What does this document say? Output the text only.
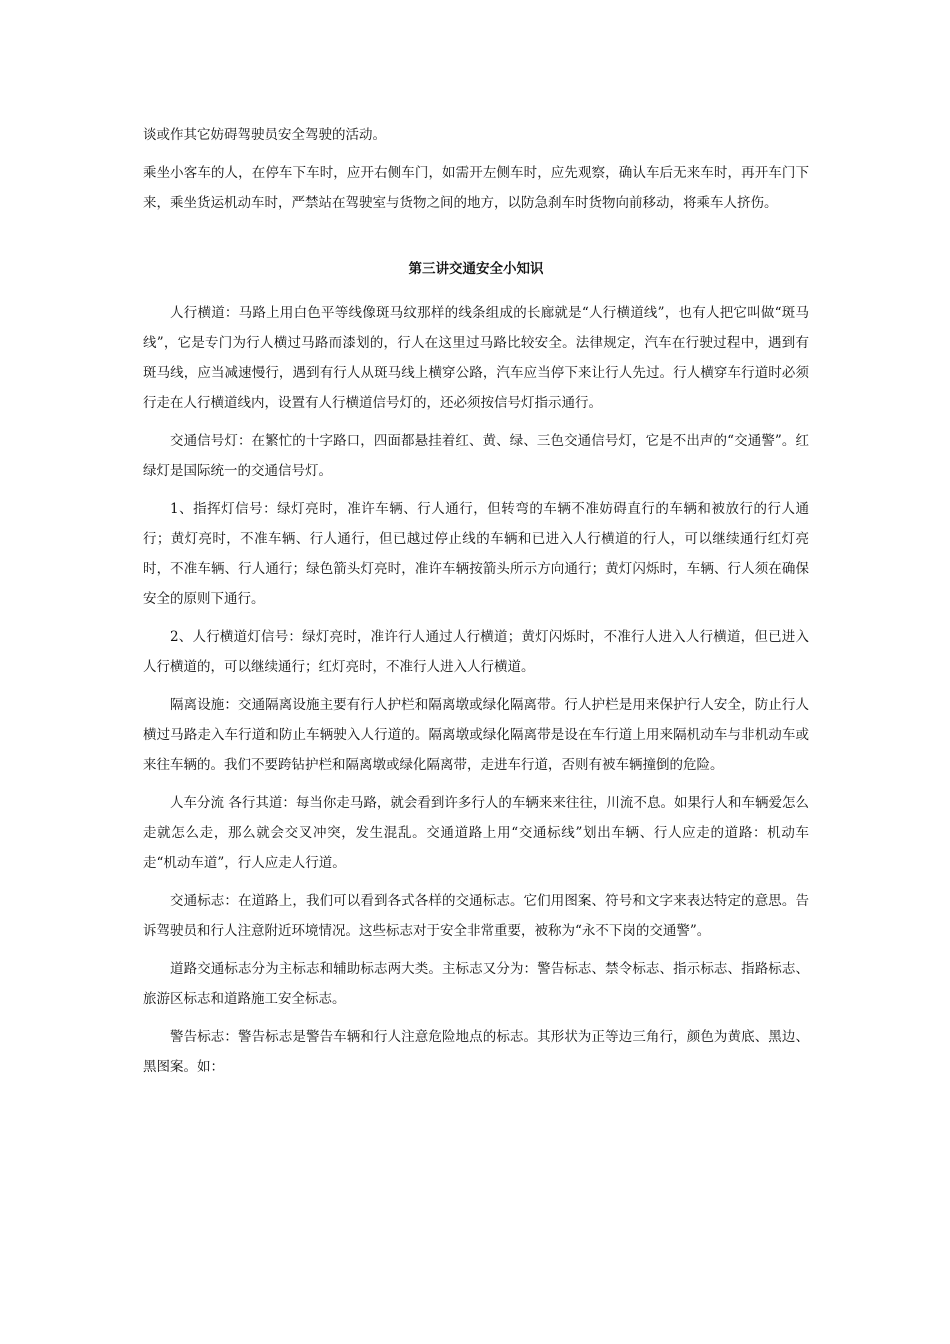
谈或作其它妨碍驾驶员安全驾驶的活动。

乘坐小客车的人，在停车下车时，应开右侧车门，如需开左侧车时，应先观察，确认车后无来车时，再开车门下来，乘坐货运机动车时，严禁站在驾驶室与货物之间的地方，以防急刹车时货物向前移动，将乘车人挤伤。

第三讲交通安全小知识

人行横道：马路上用白色平等线像斑马纹那样的线条组成的长廊就是“人行横道线”，也有人把它叫做“斑马线”，它是专门为行人横过马路而漆划的，行人在这里过马路比较安全。法律规定，汽车在行驶过程中，遇到有斑马线，应当减速慢行，遇到有行人从斑马线上横穿公路，汽车应当停下来让行人先过。行人横穿车行道时必须行走在人行横道线内，设置有人行横道信号灯的，还必须按信号灯指示通行。

交通信号灯：在繁忙的十字路口，四面都悬挂着红、黄、绿、三色交通信号灯，它是不出声的“交通警”。红绿灯是国际统一的交通信号灯。

1、指挥灯信号：绿灯亮时，准许车辆、行人通行，但转弯的车辆不准妨碍直行的车辆和被放行的行人通行；黄灯亮时，不准车辆、行人通行，但已越过停止线的车辆和已进入人行横道的行人，可以继续通行红灯亮时，不准车辆、行人通行；绿色箭头灯亮时，准许车辆按箭头所示方向通行；黄灯闪烁时，车辆、行人须在确保安全的原则下通行。

2、人行横道灯信号：绿灯亮时，准许行人通过人行横道；黄灯闪烁时，不准行人进入人行横道，但已进入人行横道的，可以继续通行；红灯亮时，不准行人进入人行横道。

隔离设施：交通隔离设施主要有行人护栏和隔离墩或绿化隔离带。行人护栏是用来保护行人安全，防止行人横过马路走入车行道和防止车辆驶入人行道的。隔离墩或绿化隔离带是设在车行道上用来隔机动车与非机动车或来往车辆的。我们不要跨钻护栏和隔离墩或绿化隔离带，走进车行道，否则有被车辆撞倒的危险。

人车分流 各行其道：每当你走马路，就会看到许多行人的车辆来来往往，川流不息。如果行人和车辆爱怎么走就怎么走，那么就会交叉冲突，发生混乱。交通道路上用“交通标线”划出车辆、行人应走的道路：机动车走“机动车道”，行人应走人行道。

交通标志：在道路上，我们可以看到各式各样的交通标志。它们用图案、符号和文字来表达特定的意思。告诉驾驶员和行人注意附近环境情况。这些标志对于安全非常重要，被称为“永不下岗的交通警”。

道路交通标志分为主标志和辅助标志两大类。主标志又分为：警告标志、禁令标志、指示标志、指路标志、旅游区标志和道路施工安全标志。

警告标志：警告标志是警告车辆和行人注意危险地点的标志。其形状为正等边三角行，颜色为黄底、黑边、黑图案。如：
